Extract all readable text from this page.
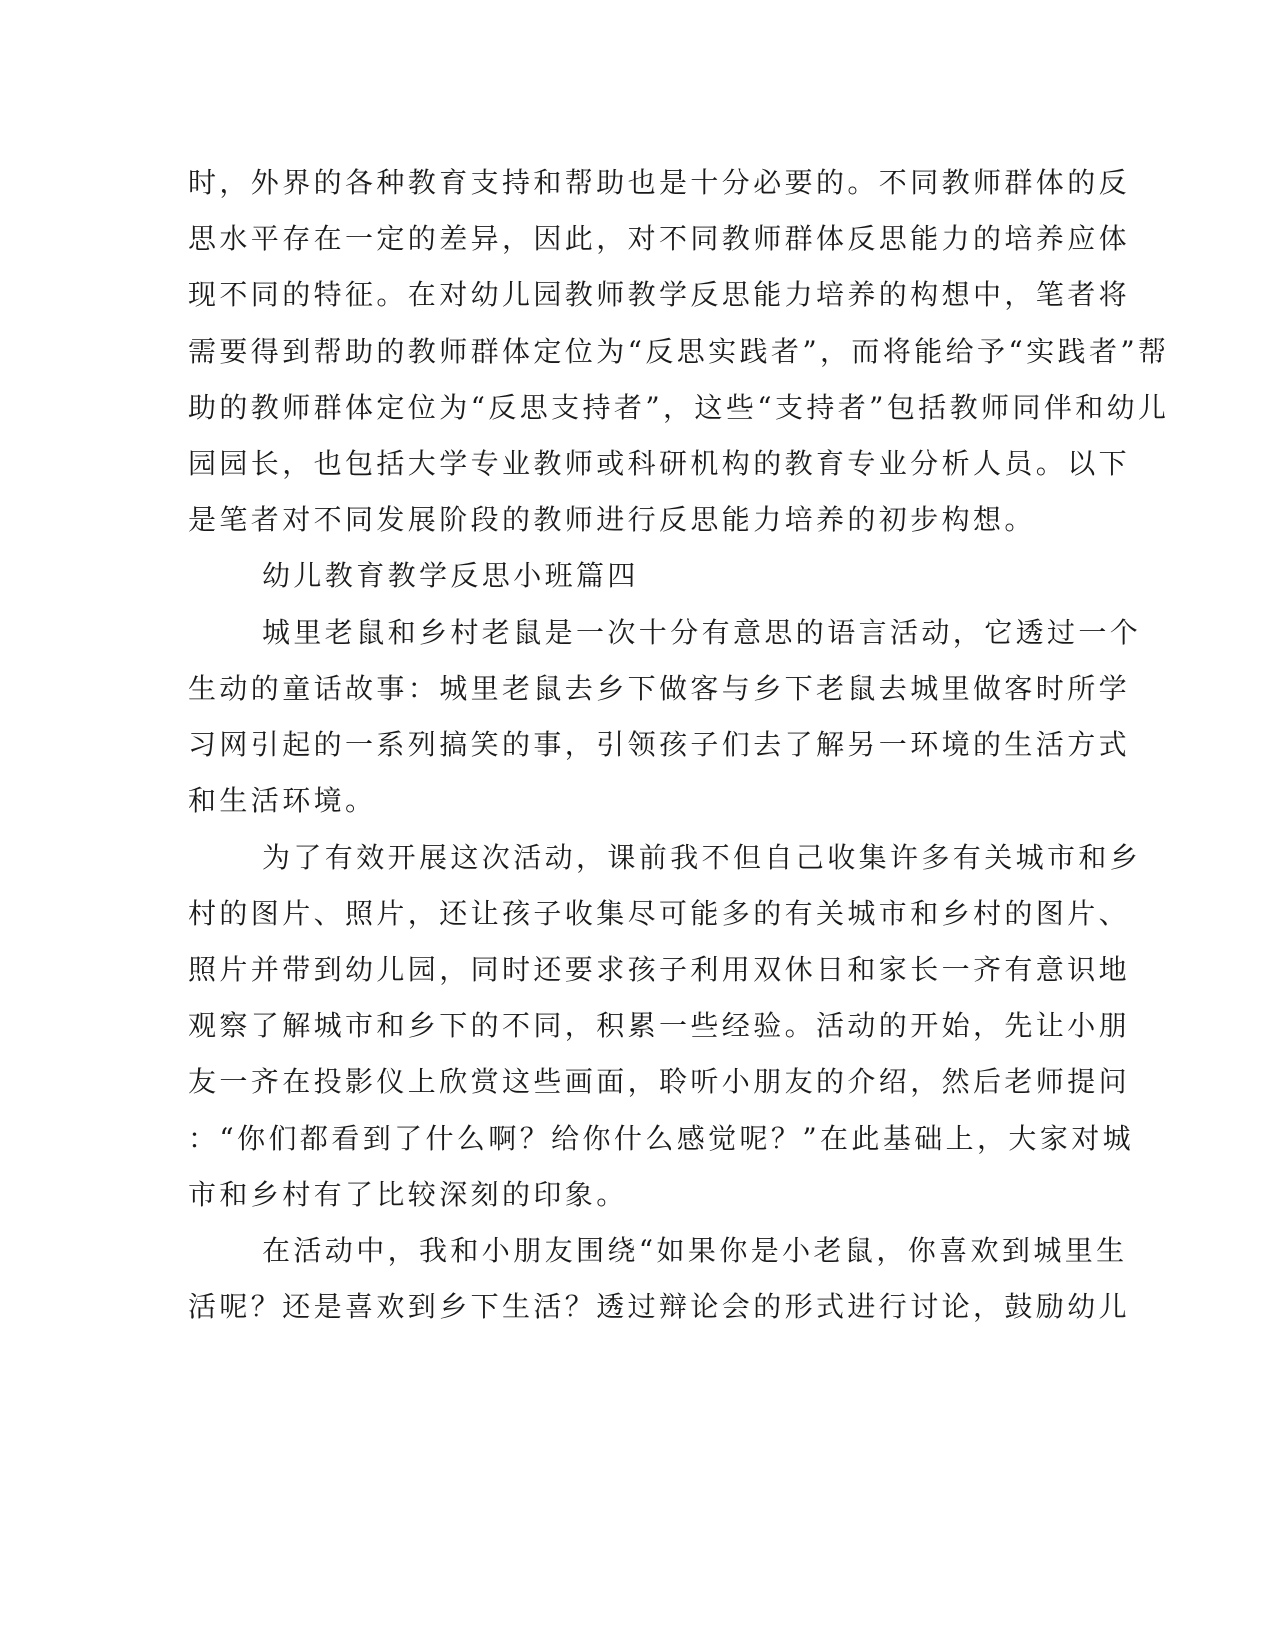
时，外界的各种教育支持和帮助也是十分必要的。不同教师群体的反

思水平存在一定的差异，因此，对不同教师群体反思能力的培养应体

现不同的特征。在对幼儿园教师教学反思能力培养的构想中，笔者将

需要得到帮助的教师群体定位为“反思实践者”，而将能给予“实践者”帮

助的教师群体定位为“反思支持者”，这些“支持者”包括教师同伴和幼儿

园园长，也包括大学专业教师或科研机构的教育专业分析人员。以下

是笔者对不同发展阶段的教师进行反思能力培养的初步构想。

幼儿教育教学反思小班篇四

城里老鼠和乡村老鼠是一次十分有意思的语言活动，它透过一个

生动的童话故事：城里老鼠去乡下做客与乡下老鼠去城里做客时所学

习网引起的一系列搞笑的事，引领孩子们去了解另一环境的生活方式

和生活环境。

为了有效开展这次活动，课前我不但自己收集许多有关城市和乡

村的图片、照片，还让孩子收集尽可能多的有关城市和乡村的图片、

照片并带到幼儿园，同时还要求孩子利用双休日和家长一齐有意识地

观察了解城市和乡下的不同，积累一些经验。活动的开始，先让小朋

友一齐在投影仪上欣赏这些画面，聆听小朋友的介绍，然后老师提问

：“你们都看到了什么啊？给你什么感觉呢？”在此基础上，大家对城

市和乡村有了比较深刻的印象。

在活动中，我和小朋友围绕“如果你是小老鼠，你喜欢到城里生

活呢？还是喜欢到乡下生活？透过辩论会的形式进行讨论，鼓励幼儿
